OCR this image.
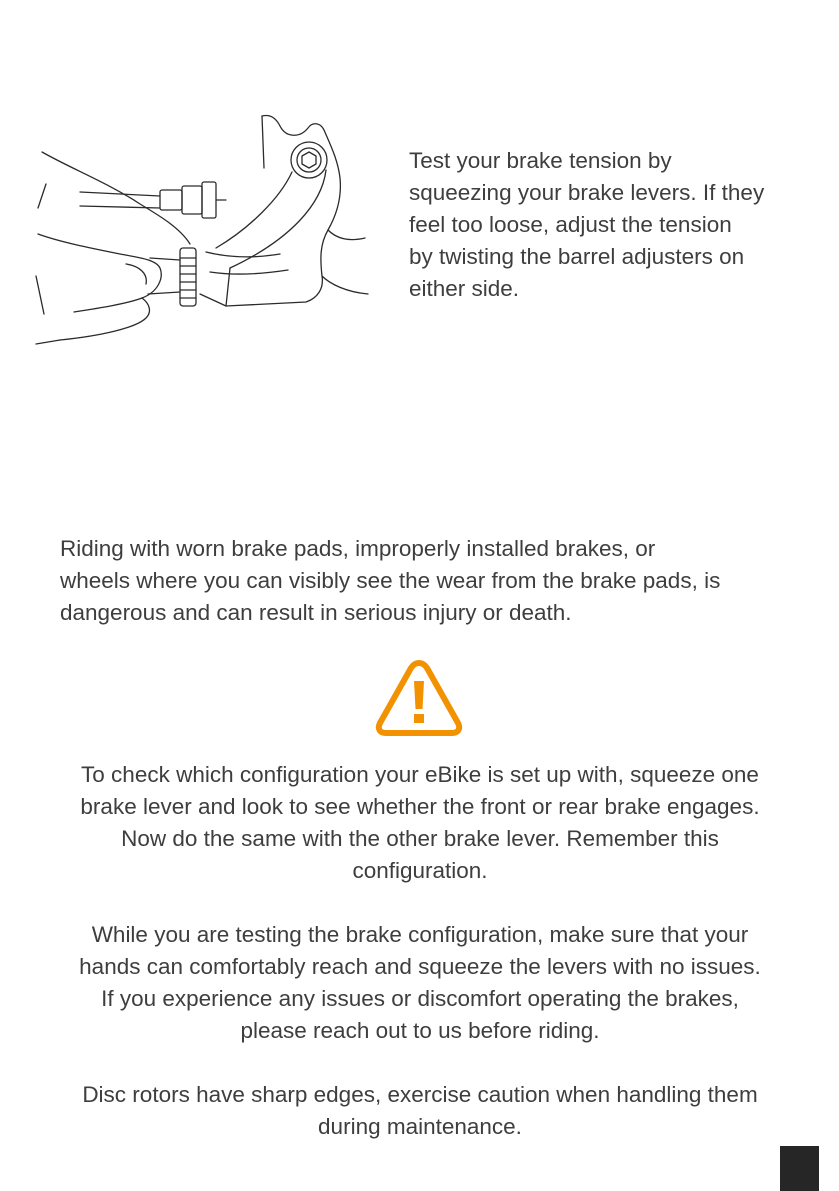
Test your brake tension by
squeezing your brake levers. If they
feel too loose, adjust the tension
by twisting the barrel adjusters on
either side.

Riding with worn brake pads, improperly installed brakes, or
wheels where you can visibly see the wear from the brake pads, is
dangerous and can result in serious injury or death.

To check which configuration your eBike is set up with, squeeze one
brake lever and look to see whether the front or rear brake engages.
Now do the same with the other brake lever. Remember this
configuration.

While you are testing the brake configuration, make sure that your
hands can comfortably reach and squeeze the levers with no issues.
If you experience any issues or discomfort operating the brakes,
please reach out to us before riding.

Disc rotors have sharp edges, exercise caution when handling them
during maintenance.
